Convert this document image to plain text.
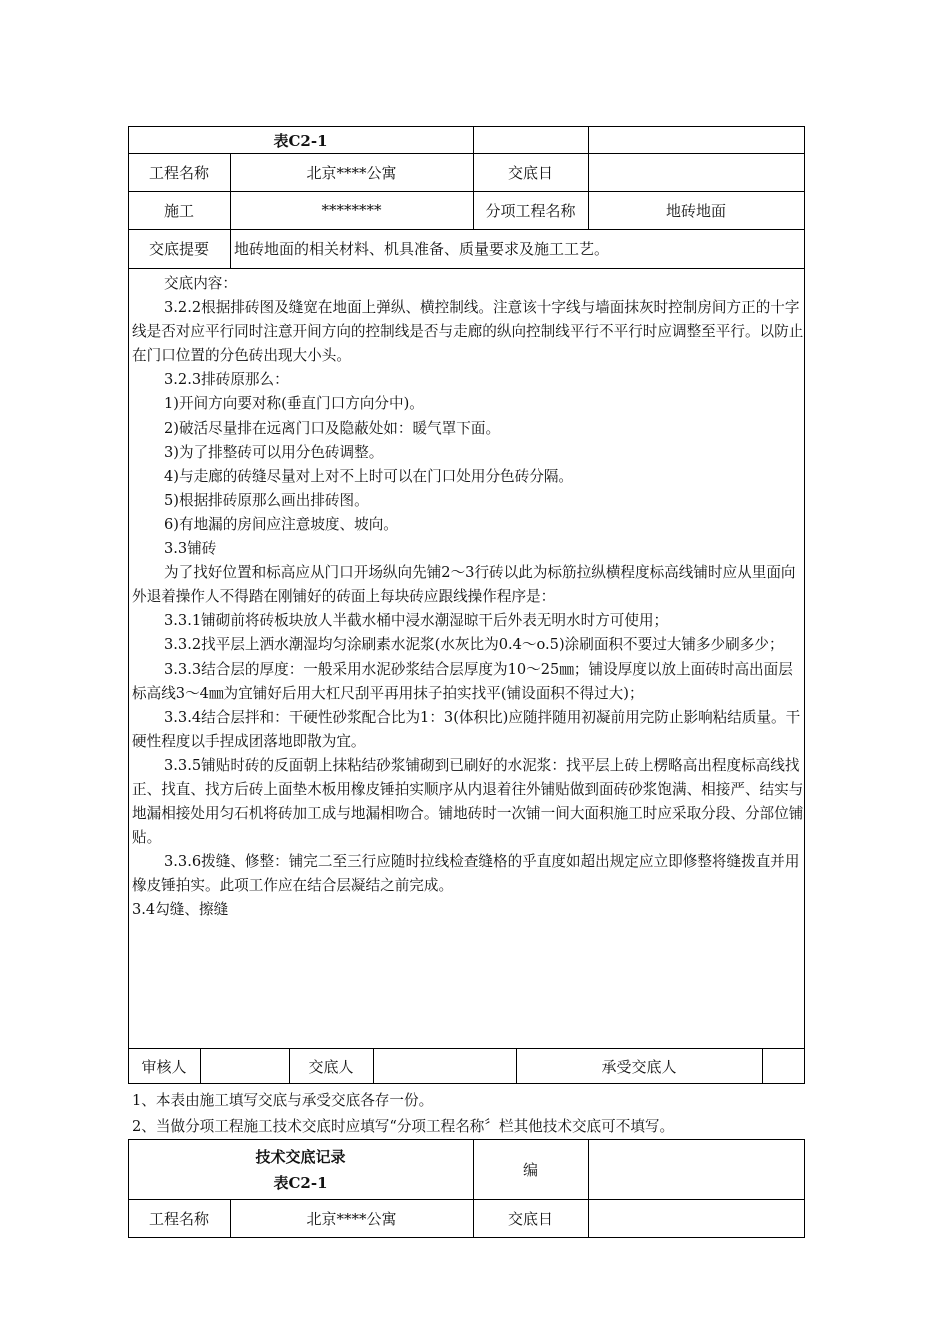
表C2-1
工程名称	北京****公寓	交底日
施工	********	分项工程名称	地砖地面
交底提要	地砖地面的相关材料、机具准备、质量要求及施工工艺。

交底内容：

3.2.2根据排砖图及缝宽在地面上弹纵、横控制线。注意该十字线与墙面抹灰时控制房间方正的十字线是否对应平行同时注意开间方向的控制线是否与走廊的纵向控制线平行不平行时应调整至平行。以防止在门口位置的分色砖出现大小头。

3.2.3排砖原那么：

1)开间方向要对称(垂直门口方向分中)。

2)破活尽量排在远离门口及隐蔽处如：暖气罩下面。

3)为了排整砖可以用分色砖调整。

4)与走廊的砖缝尽量对上对不上时可以在门口处用分色砖分隔。

5)根据排砖原那么画出排砖图。

6)有地漏的房间应注意坡度、坡向。

3.3铺砖

为了找好位置和标高应从门口开场纵向先铺2～3行砖以此为标筋拉纵横程度标高线铺时应从里面向外退着操作人不得踏在刚铺好的砖面上每块砖应跟线操作程序是：

3.3.1铺砌前将砖板块放人半截水桶中浸水潮湿晾干后外表无明水时方可使用；

3.3.2找平层上洒水潮湿均匀涂刷素水泥浆(水灰比为0.4～o.5)涂刷面积不要过大铺多少刷多少；

3.3.3结合层的厚度：一般采用水泥砂浆结合层厚度为10～25㎜；铺设厚度以放上面砖时高出面层标高线3～4㎜为宜铺好后用大杠尺刮平再用抹子拍实找平(铺设面积不得过大)；

3.3.4结合层拌和：干硬性砂浆配合比为1：3(体积比)应随拌随用初凝前用完防止影响粘结质量。干硬性程度以手捏成团落地即散为宜。

3.3.5铺贴时砖的反面朝上抹粘结砂浆铺砌到已刷好的水泥浆：找平层上砖上楞略高出程度标高线找正、找直、找方后砖上面垫木板用橡皮锤拍实顺序从内退着往外铺贴做到面砖砂浆饱满、相接严、结实与地漏相接处用匀石机将砖加工成与地漏相吻合。铺地砖时一次铺一间大面积施工时应采取分段、分部位铺贴。

3.3.6拨缝、修整：铺完二至三行应随时拉线检查缝格的乎直度如超出规定应立即修整将缝拨直并用橡皮锤拍实。此项工作应在结合层凝结之前完成。

3.4勾缝、擦缝

审核人	交底人	承受交底人
1、本表由施工填写交底与承受交底各存一份。
2、当做分项工程施工技术交底时应填写“分项工程名称〞栏其他技术交底可不填写。
技术交底记录
表C2-1
编
工程名称	北京****公寓	交底日
